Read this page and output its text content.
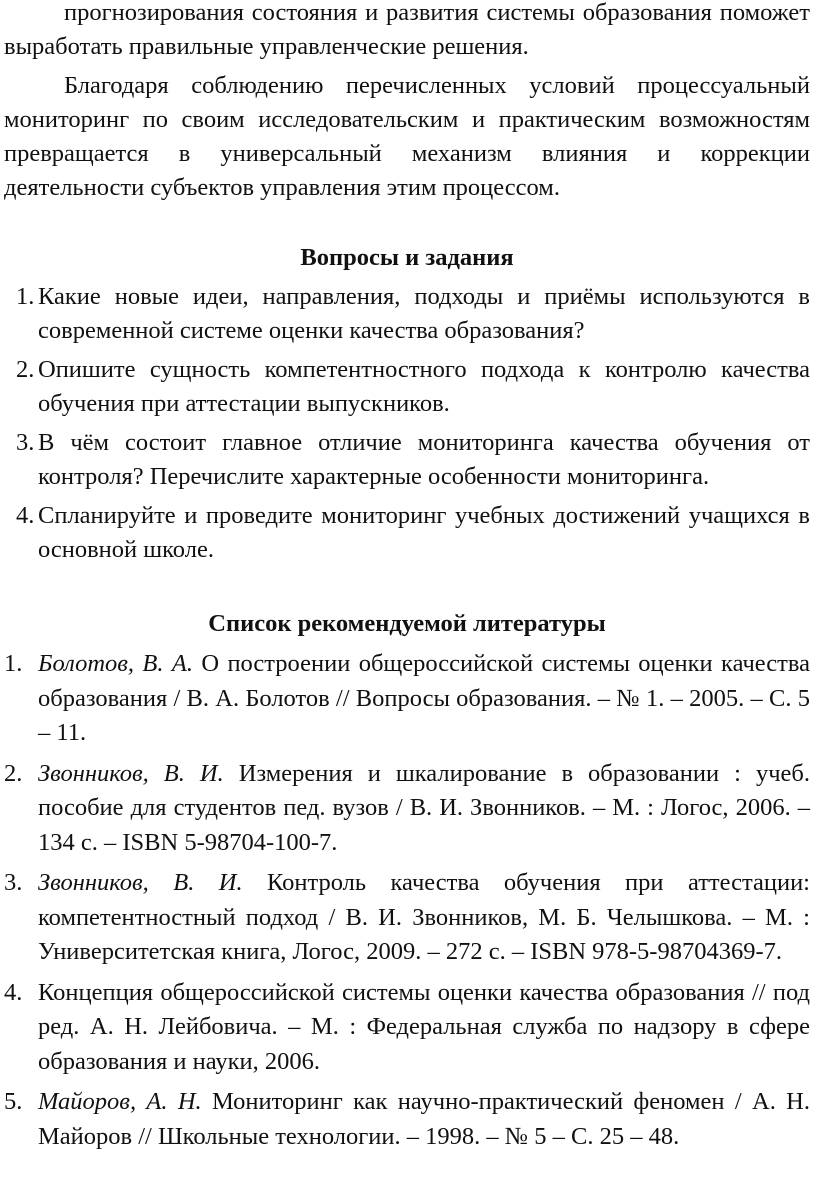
прогнозирования состояния и развития системы образования поможет выработать правильные управленческие решения.

Благодаря соблюдению перечисленных условий процессуальный мониторинг по своим исследовательским и практическим возможностям превращается в универсальный механизм влияния и коррекции деятельности субъектов управления этим процессом.

Вопросы и задания

1. Какие новые идеи, направления, подходы и приёмы используются в современной системе оценки качества образования?
2. Опишите сущность компетентностного подхода к контролю качества обучения при аттестации выпускников.
3. В чём состоит главное отличие мониторинга качества обучения от контроля? Перечислите характерные особенности мониторинга.
4. Спланируйте и проведите мониторинг учебных достижений учащихся в основной школе.

Список рекомендуемой литературы

1. Болотов, В. А. О построении общероссийской системы оценки качества образования / В. А. Болотов // Вопросы образования. – № 1. – 2005. – С. 5 – 11.
2. Звонников, В. И. Измерения и шкалирование в образовании : учеб. пособие для студентов пед. вузов / В. И. Звонников. – М. : Логос, 2006. – 134 с. – ISBN 5-98704-100-7.
3. Звонников, В. И. Контроль качества обучения при аттестации: компетентностный подход / В. И. Звонников, М. Б. Челышкова. – М. : Университетская книга, Логос, 2009. – 272 с. – ISBN 978-5-98704369-7.
4. Концепция общероссийской системы оценки качества образования // под ред. А. Н. Лейбовича. – М. : Федеральная служба по надзору в сфере образования и науки, 2006.
5. Майоров, А. Н. Мониторинг как научно-практический феномен / А. Н. Майоров // Школьные технологии. – 1998. – № 5 – С. 25 – 48.
